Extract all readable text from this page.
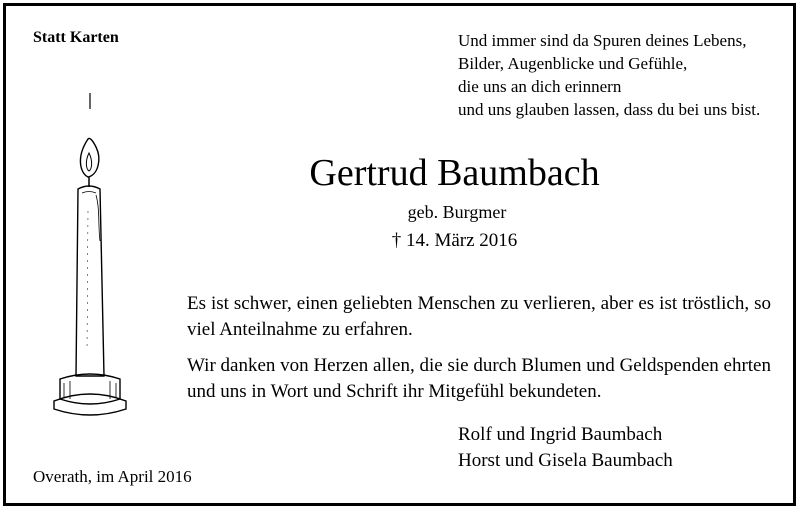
Statt Karten	Und immer sind da Spuren deines Lebens,
Bilder, Augenblicke und Gefühle,
die uns an dich erinnern
und uns glauben lassen, dass du bei uns bist.
Gertrud Baumbach
geb. Burgmer
† 14. März 2016
Es ist schwer, einen geliebten Menschen zu verlieren, aber es ist tröstlich, so viel Anteilnahme zu erfahren.
Wir danken von Herzen allen, die sie durch Blumen und Geldspenden ehrten und uns in Wort und Schrift ihr Mitgefühl bekundeten.
Rolf und Ingrid Baumbach
Horst und Gisela Baumbach
Overath, im April 2016
